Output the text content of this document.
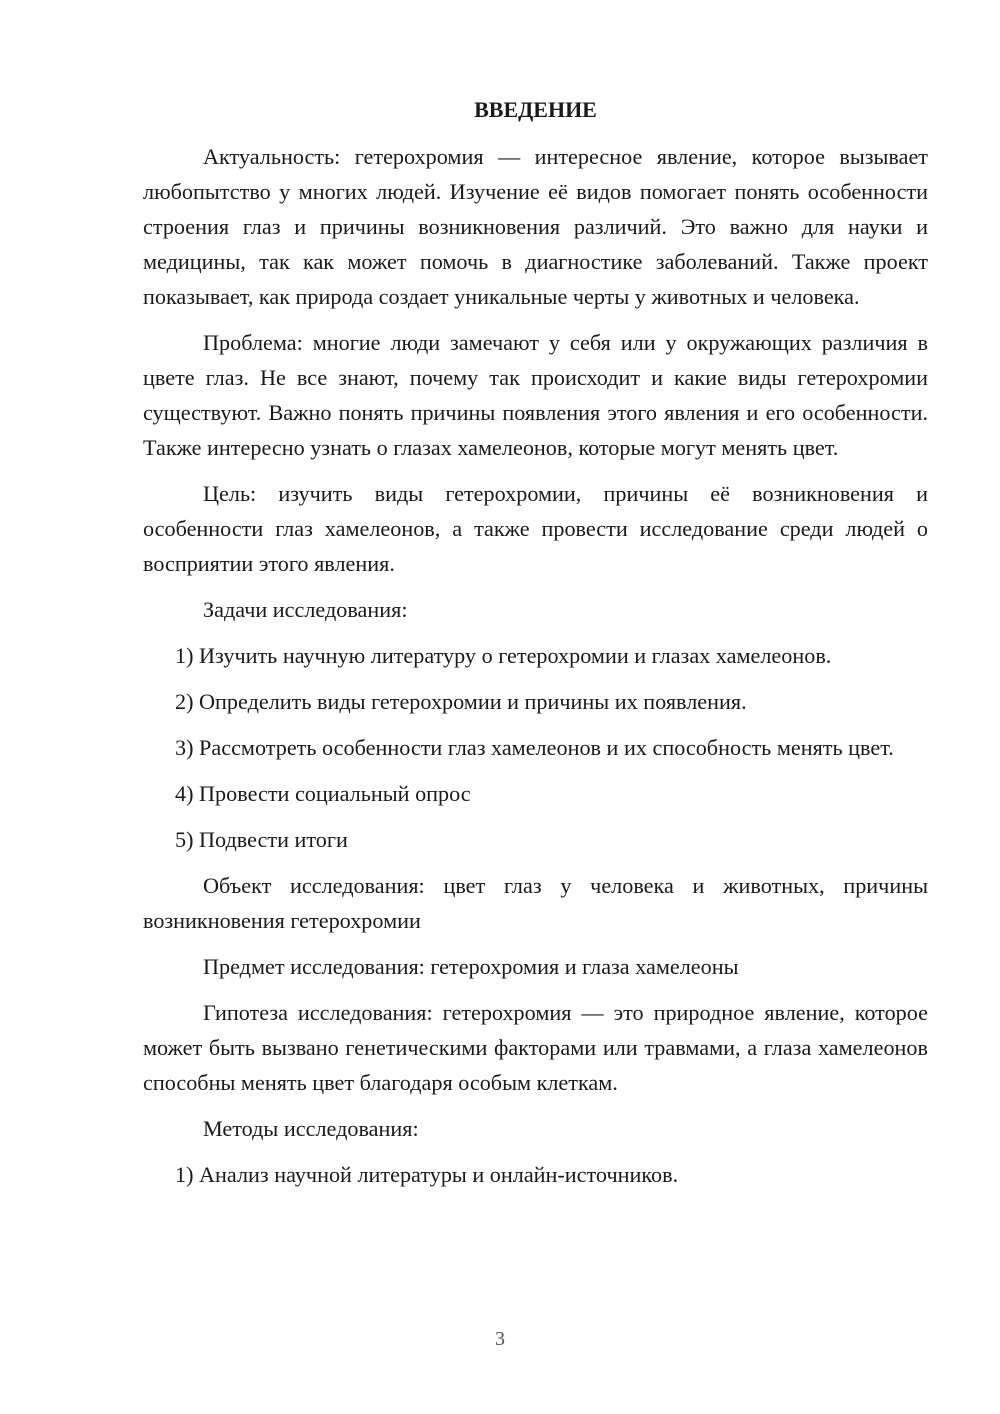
ВВЕДЕНИЕ

Актуальность: гетерохромия — интересное явление, которое вызывает любопытство у многих людей. Изучение её видов помогает понять особенности строения глаз и причины возникновения различий. Это важно для науки и медицины, так как может помочь в диагностике заболеваний. Также проект показывает, как природа создает уникальные черты у животных и человека.

Проблема: многие люди замечают у себя или у окружающих различия в цвете глаз. Не все знают, почему так происходит и какие виды гетерохромии существуют. Важно понять причины появления этого явления и его особенности. Также интересно узнать о глазах хамелеонов, которые могут менять цвет.

Цель: изучить виды гетерохромии, причины её возникновения и особенности глаз хамелеонов, а также провести исследование среди людей о восприятии этого явления.

Задачи исследования:

1) Изучить научную литературу о гетерохромии и глазах хамелеонов.

2) Определить виды гетерохромии и причины их появления.

3) Рассмотреть особенности глаз хамелеонов и их способность менять цвет.

4) Провести социальный опрос

5) Подвести итоги

Объект исследования: цвет глаз у человека и животных, причины возникновения гетерохромии

Предмет исследования: гетерохромия и глаза хамелеоны

Гипотеза исследования: гетерохромия — это природное явление, которое может быть вызвано генетическими факторами или травмами, а глаза хамелеонов способны менять цвет благодаря особым клеткам.

Методы исследования:

1) Анализ научной литературы и онлайн-источников.

3
